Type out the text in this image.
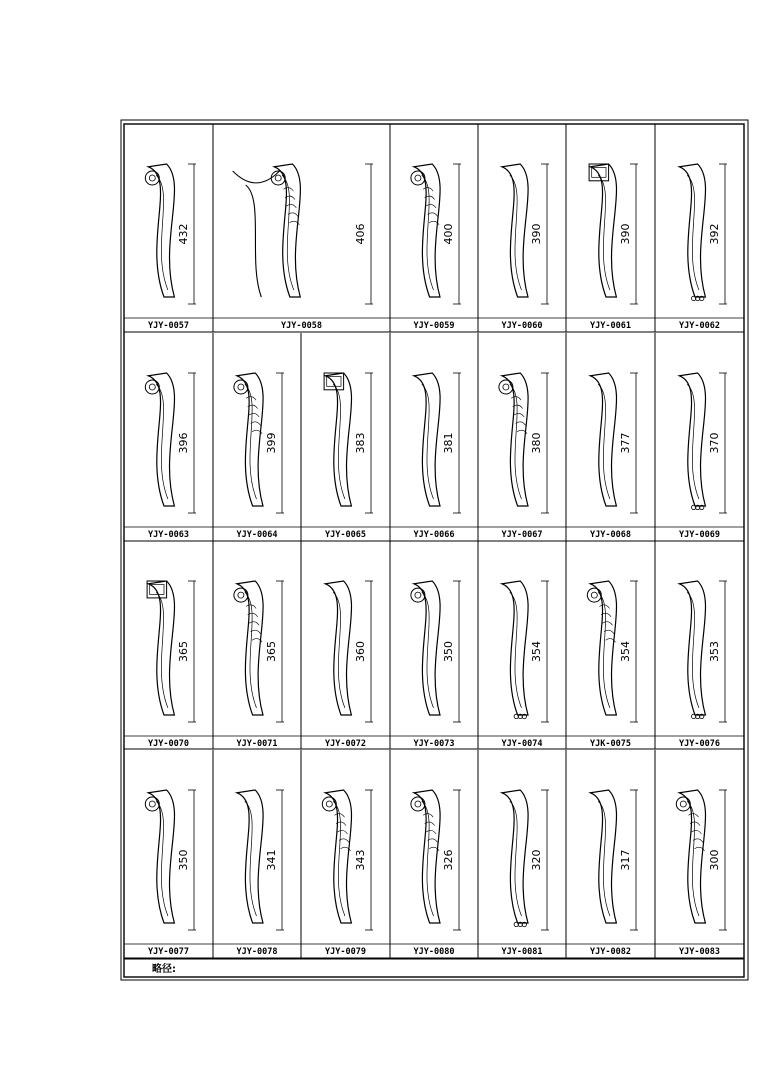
432
YJY-0057
406
YJY-0058
400
YJY-0059
390
YJY-0060
390
YJY-0061
392
YJY-0062
396
YJY-0063
399
YJY-0064
383
YJY-0065
381
YJY-0066
380
YJY-0067
377
YJY-0068
370
YJY-0069
365
YJY-0070
365
YJY-0071
360
YJY-0072
350
YJY-0073
354
YJY-0074
354
YJK-0075
353
YJY-0076
350
YJY-0077
341
YJY-0078
343
YJY-0079
326
YJY-0080
320
YJY-0081
317
YJY-0082
300
YJY-0083
略径:
